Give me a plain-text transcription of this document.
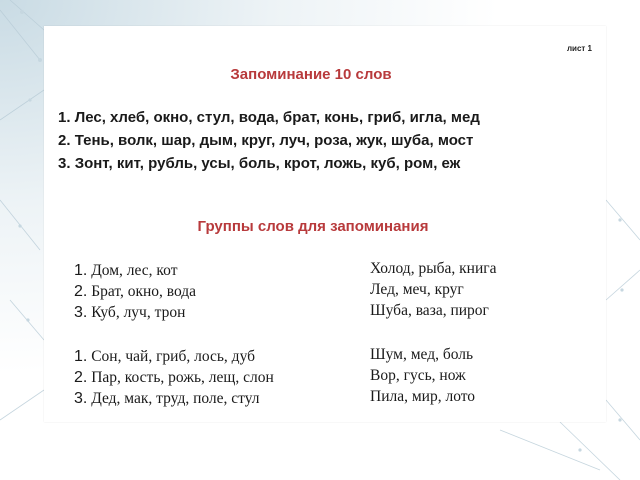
лист 1
Запоминание 10 слов
1. Лес, хлеб, окно, стул, вода, брат, конь, гриб, игла, мед
2. Тень, волк, шар, дым, круг, луч, роза, жук, шуба, мост
3. Зонт, кит, рубль, усы, боль, крот, ложь, куб, ром, еж
Группы слов для запоминания
1. Дом, лес, кот
2. Брат, окно, вода
3. Куб, луч, трон
1. Сон, чай, гриб, лось, дуб
2. Пар, кость, рожь, лещ, слон
3. Дед, мак, труд, поле, стул
Холод, рыба, книга
Лед, меч, круг
Шуба, ваза, пирог
Шум, мед, боль
Вор, гусь, нож
Пила, мир, лото
